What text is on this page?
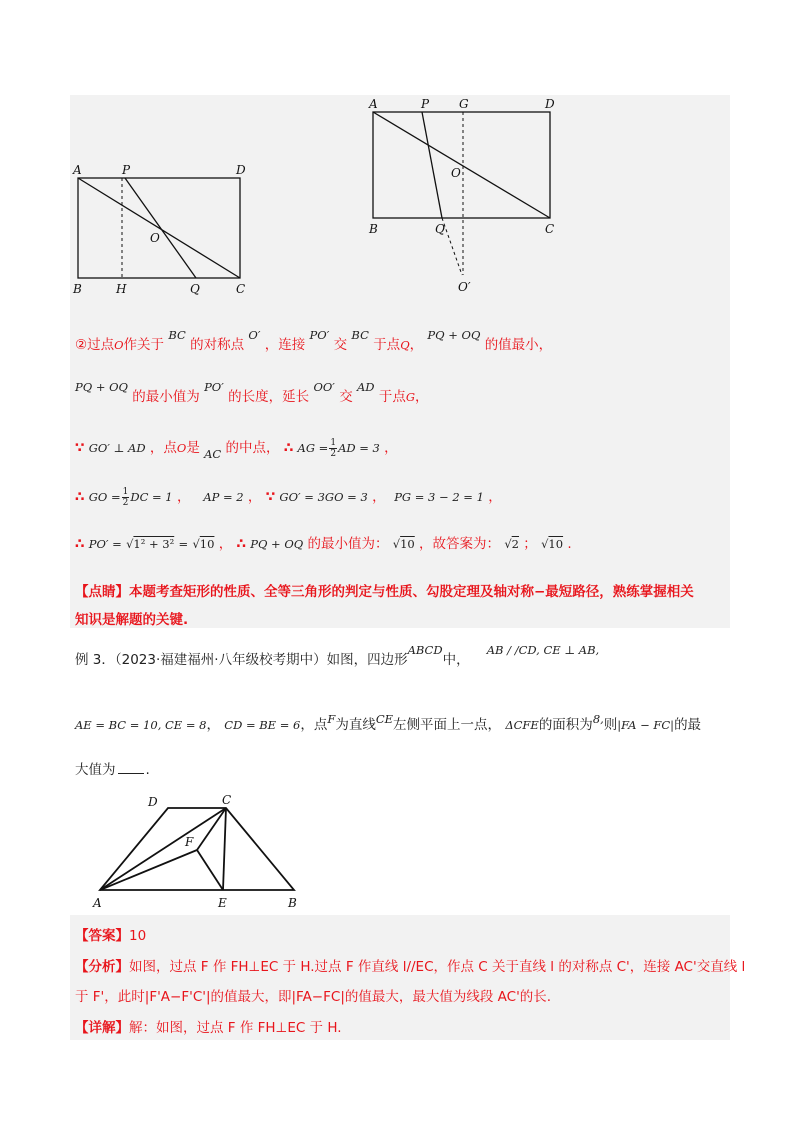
A	P	D
O
B	H	Q	C
A	P G	D
O
B	Q	C
O′
②过点O作关于 BC 的对称点 O′ ，连接 PO′ 交 BC 于点Q， PQ + OQ 的值最小，
PQ + OQ 的最小值为 PO′ 的长度，延长 OO′ 交 AD 于点G，
∵ GO′ ⊥ AD ，点O是 AC 的中点， ∴ AG = $\frac{1}{2}$ AD = 3 ，
∴ GO = $\frac{1}{2}$ DC = 1 ， AP = 2 ， ∵ GO′ = 3GO = 3 ， PG = 3 − 2 = 1 ，
∴ PO′ = √1² + 3² = √10 ， ∴ PQ + OQ 的最小值为： √10 ，故答案为： √2 ； √10 .
【点睛】本题考查矩形的性质、全等三角形的判定与性质、勾股定理及轴对称−最短路径，熟练掌握相关
知识是解题的关键.
例 3．（2023·福建福州·八年级校考期中）如图，四边形ABCD中，    AB / /CD, CE ⊥ AB,
AE = BC = 10, CE = 8， CD = BE = 6，点F为直线CE左侧平面上一点， ΔCFE的面积为8,则|FA − FC|的最
大值为 .
D	C
F
A	E	B
【答案】10
【分析】如图，过点 F 作 FH⊥EC 于 H.过点 F 作直线 l//EC，作点 C 关于直线 l 的对称点 C'，连接 AC'交直线 l
于 F'，此时|F'A−F'C'|的值最大，即|FA−FC|的值最大，最大值为线段 AC'的长.
【详解】解：如图，过点 F 作 FH⊥EC 于 H.
